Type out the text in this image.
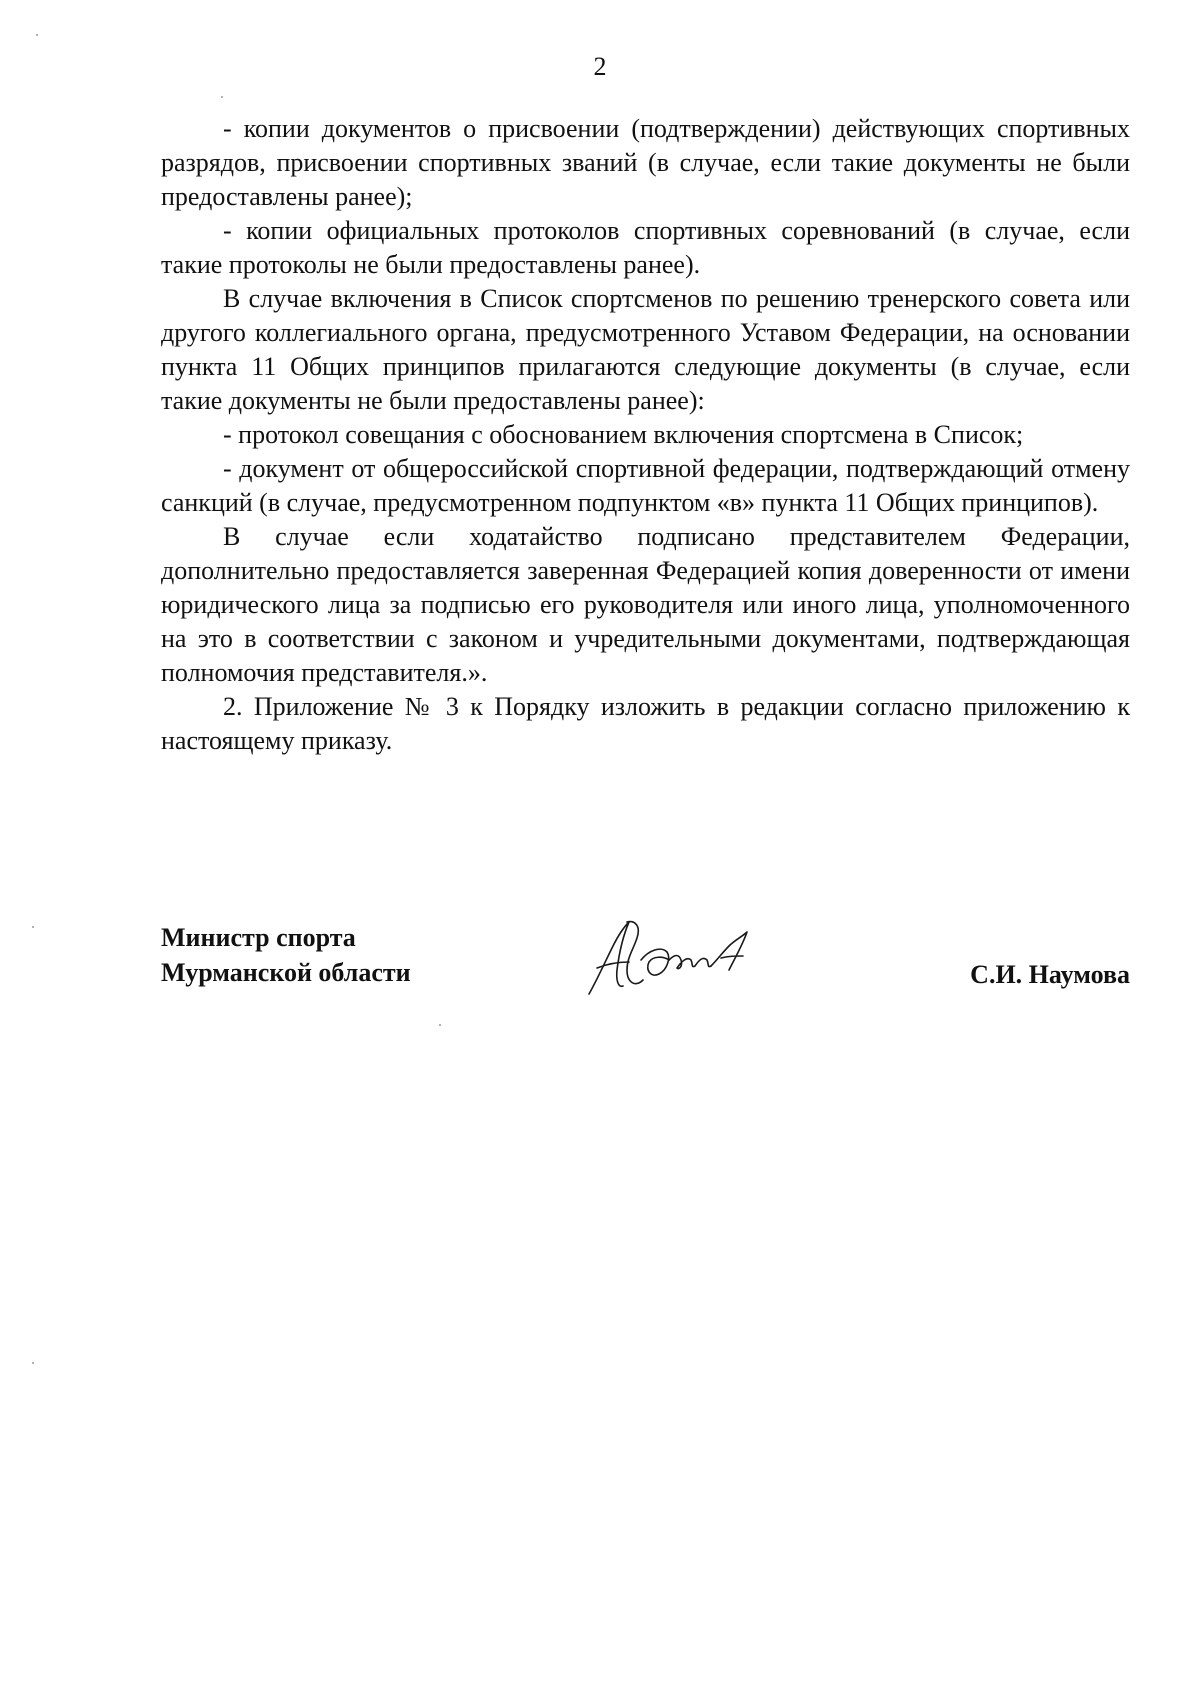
2

- копии документов о присвоении (подтверждении) действующих спортивных разрядов, присвоении спортивных званий (в случае, если такие документы не были предоставлены ранее);

- копии официальных протоколов спортивных соревнований (в случае, если такие протоколы не были предоставлены ранее).

В случае включения в Список спортсменов по решению тренерского совета или другого коллегиального органа, предусмотренного Уставом Федерации, на основании пункта 11 Общих принципов прилагаются следующие документы (в случае, если такие документы не были предоставлены ранее):

- протокол совещания с обоснованием включения спортсмена в Список;

- документ от общероссийской спортивной федерации, подтверждающий отмену санкций (в случае, предусмотренном подпунктом «в» пункта 11 Общих принципов).

В случае если ходатайство подписано представителем Федерации, дополнительно предоставляется заверенная Федерацией копия доверенности от имени юридического лица за подписью его руководителя или иного лица, уполномоченного на это в соответствии с законом и учредительными документами, подтверждающая полномочия представителя.».

2. Приложение № 3 к Порядку изложить в редакции согласно приложению к настоящему приказу.

Министр спорта
Мурманской области	С.И. Наумова
